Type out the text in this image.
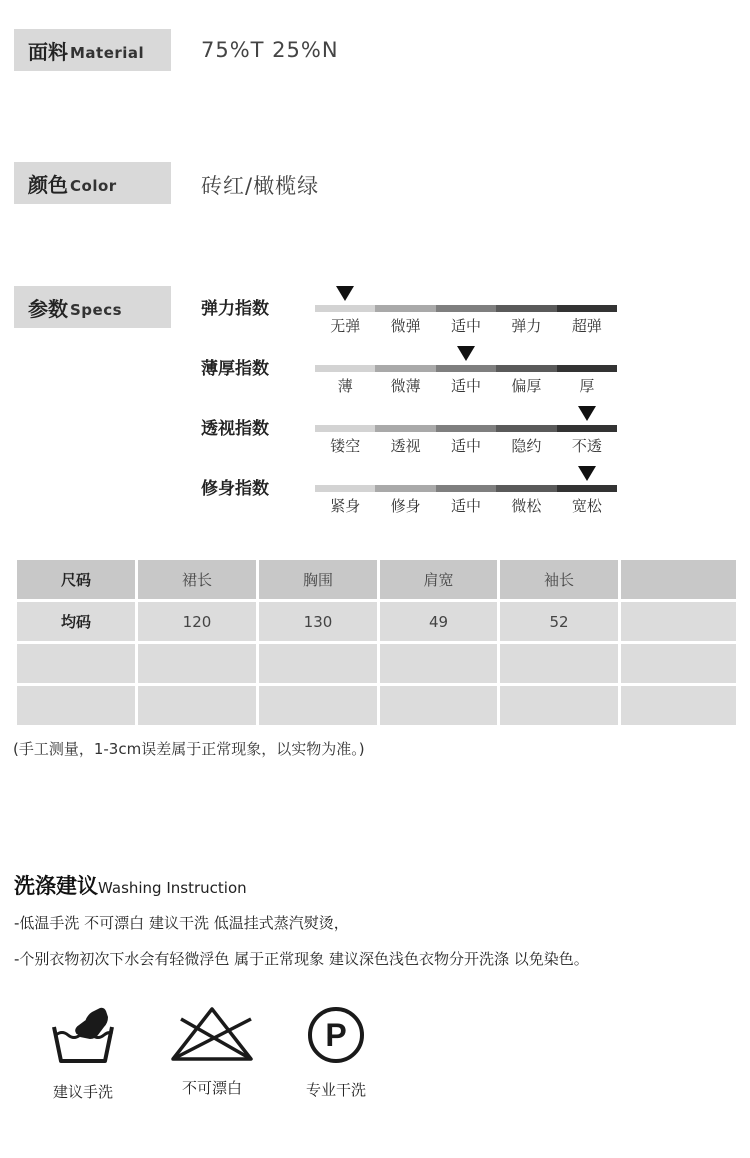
面料 Material	75%T 25%N
颜色 Color	砖红/橄榄绿
参数 Specs	弹力指数
无弹	微弹	适中	弹力	超弹
薄厚指数
薄	微薄	适中	偏厚	厚
透视指数
镂空	透视	适中	隐约	不透
修身指数
紧身	修身	适中	微松	宽松
尺码	裙长	胸围	肩宽	袖长	
均码	120	130	49	52	

(手工测量，1-3cm误差属于正常现象，以实物为准。)
洗涤建议Washing Instruction
-低温手洗 不可漂白 建议干洗 低温挂式蒸汽熨烫，
-个别衣物初次下水会有轻微浮色 属于正常现象 建议深色浅色衣物分开洗涤 以免染色。
建议手洗	不可漂白
P
专业干洗
